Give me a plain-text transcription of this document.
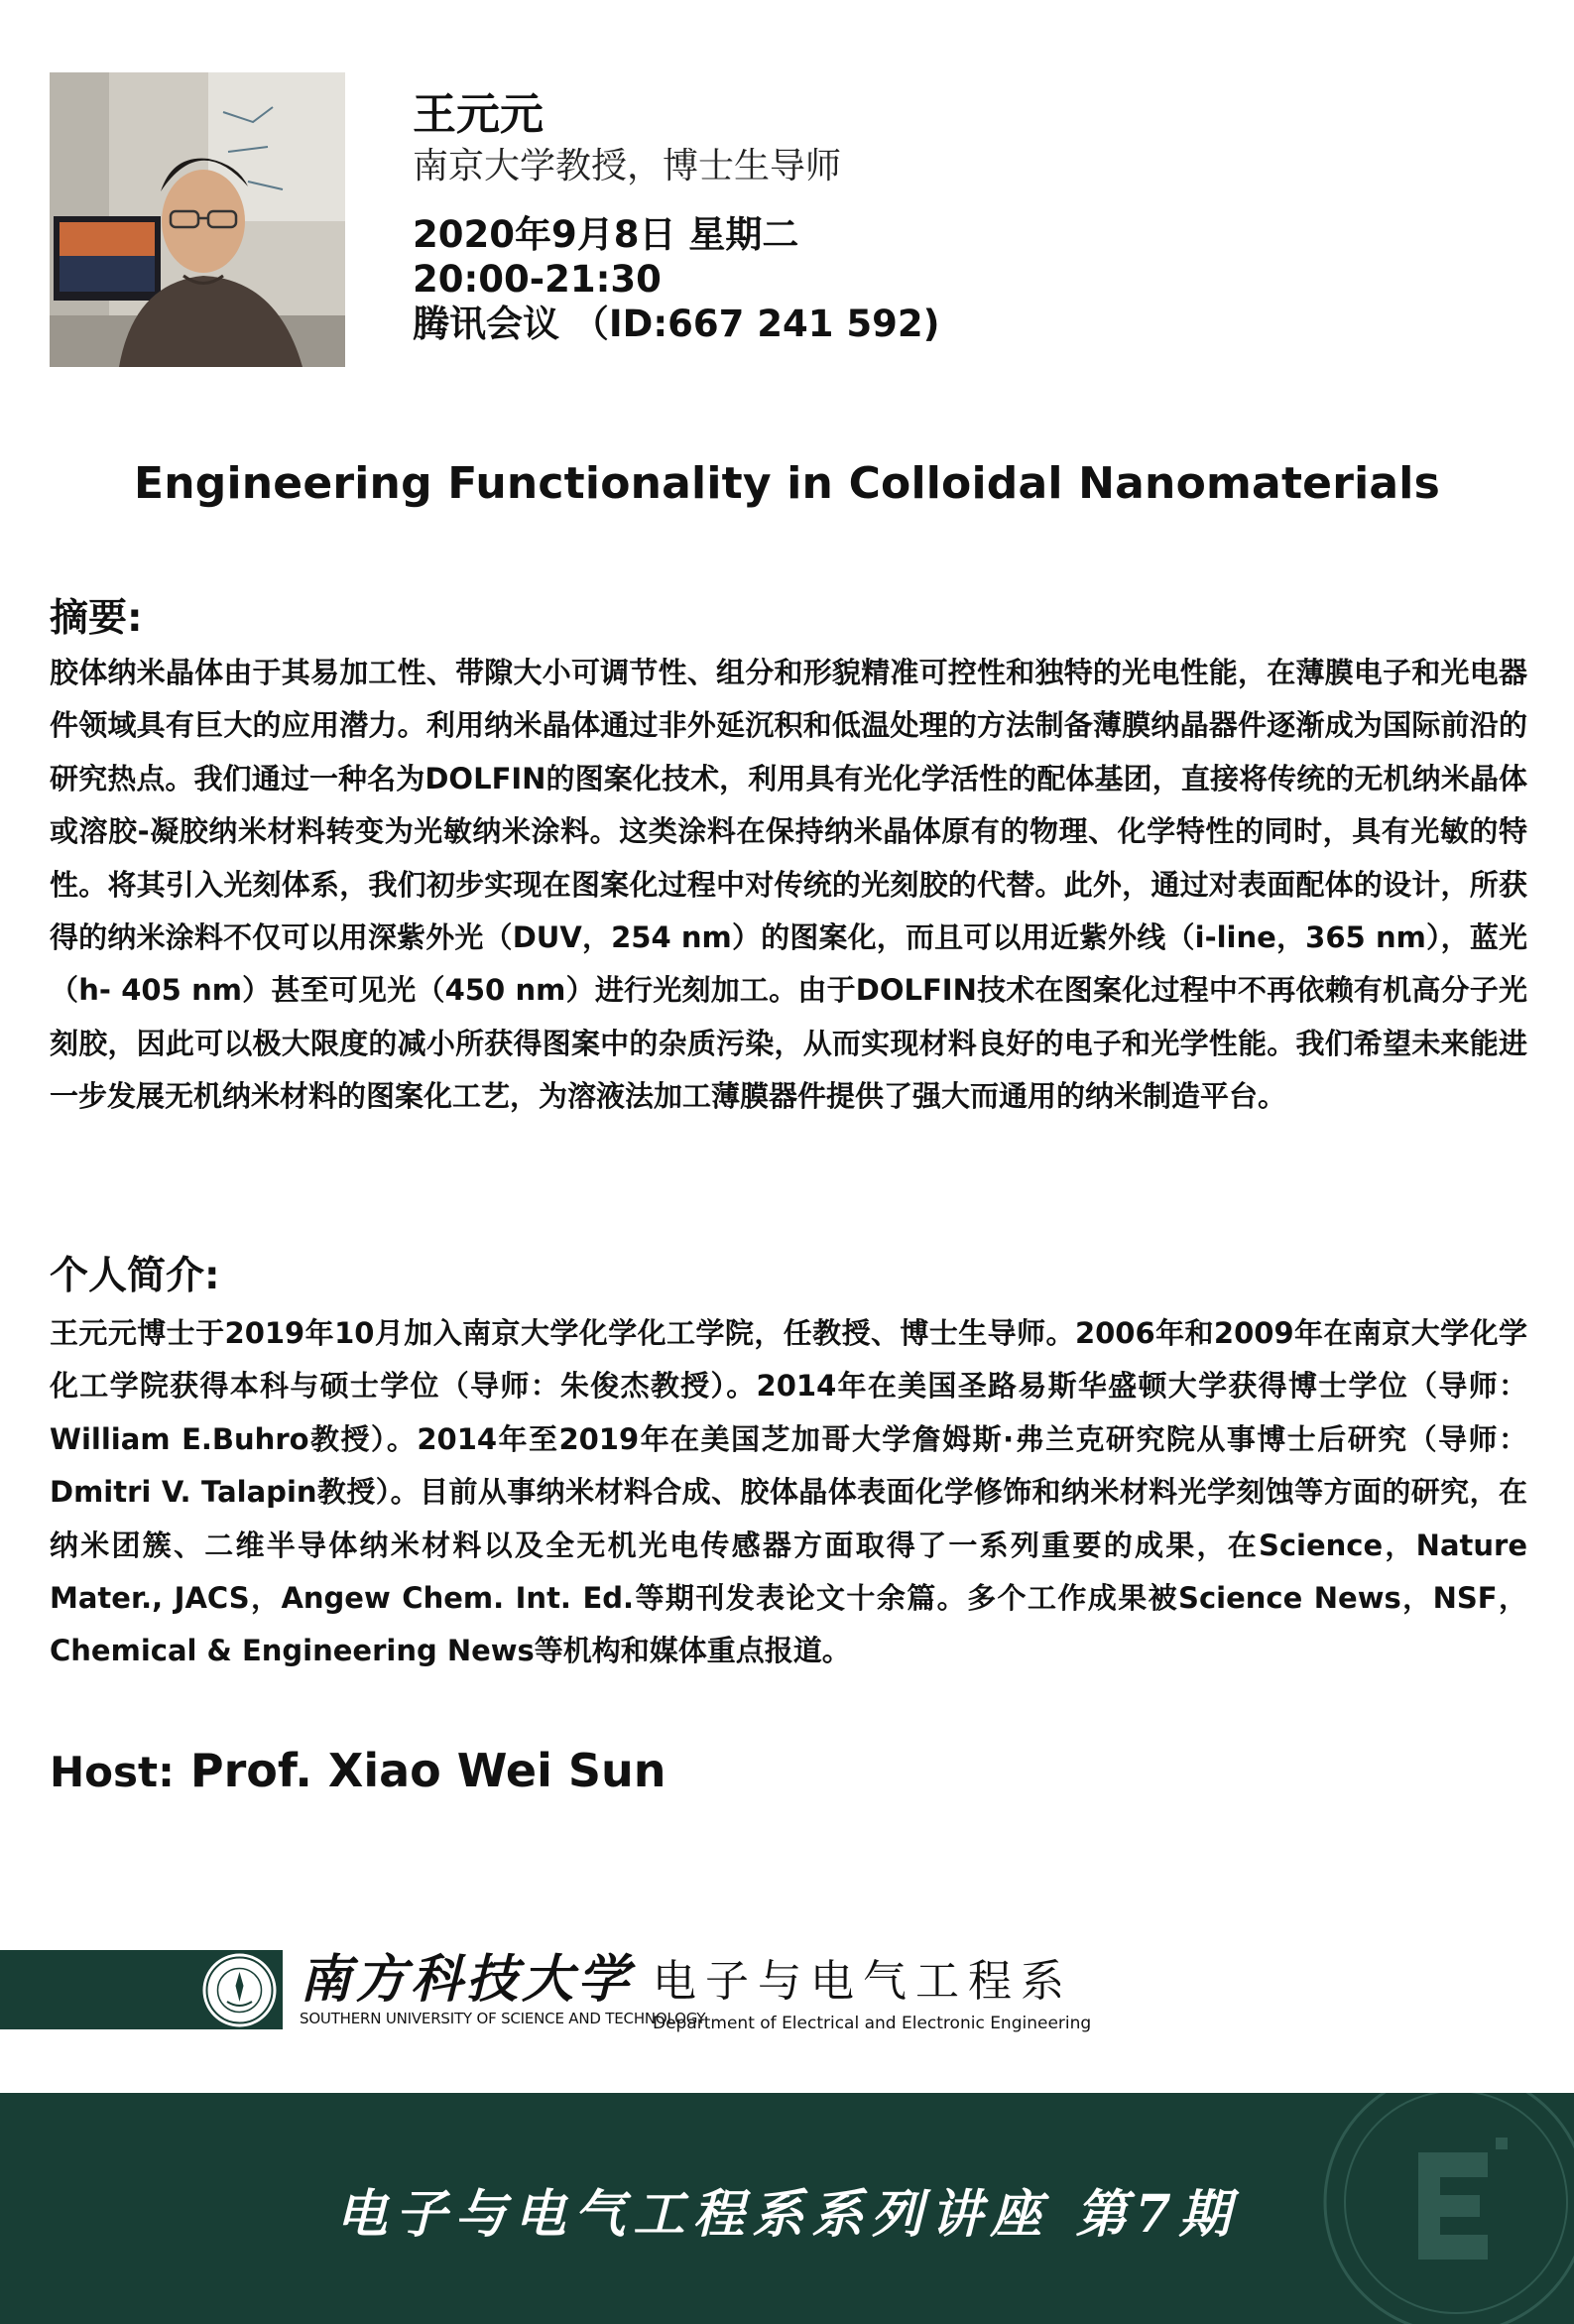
王元元
南京大学教授，博士生导师
2020年9月8日 星期二
20:00-21:30
腾讯会议 （ID:667 241 592)
Engineering Functionality in Colloidal Nanomaterials
摘要:

胶体纳米晶体由于其易加工性、带隙大小可调节性、组分和形貌精准可控性和独特的光电性能，在薄膜电子和光电器件领域具有巨大的应用潜力。利用纳米晶体通过非外延沉积和低温处理的方法制备薄膜纳晶器件逐渐成为国际前沿的研究热点。我们通过一种名为DOLFIN的图案化技术，利用具有光化学活性的配体基团，直接将传统的无机纳米晶体或溶胶-凝胶纳米材料转变为光敏纳米涂料。这类涂料在保持纳米晶体原有的物理、化学特性的同时，具有光敏的特性。将其引入光刻体系，我们初步实现在图案化过程中对传统的光刻胶的代替。此外，通过对表面配体的设计，所获得的纳米涂料不仅可以用深紫外光（DUV，254 nm）的图案化，而且可以用近紫外线（i-line，365 nm），蓝光（h- 405 nm）甚至可见光（450 nm）进行光刻加工。由于DOLFIN技术在图案化过程中不再依赖有机高分子光刻胶，因此可以极大限度的减小所获得图案中的杂质污染，从而实现材料良好的电子和光学性能。我们希望未来能进一步发展无机纳米材料的图案化工艺，为溶液法加工薄膜器件提供了强大而通用的纳米制造平台。

个人简介:

王元元博士于2019年10月加入南京大学化学化工学院，任教授、博士生导师。2006年和2009年在南京大学化学化工学院获得本科与硕士学位（导师：朱俊杰教授）。2014年在美国圣路易斯华盛顿大学获得博士学位（导师：William E.Buhro教授）。2014年至2019年在美国芝加哥大学詹姆斯·弗兰克研究院从事博士后研究（导师：Dmitri V. Talapin教授）。目前从事纳米材料合成、胶体晶体表面化学修饰和纳米材料光学刻蚀等方面的研究，在纳米团簇、二维半导体纳米材料以及全无机光电传感器方面取得了一系列重要的成果，在Science，Nature Mater., JACS，Angew Chem. Int. Ed.等期刊发表论文十余篇。多个工作成果被Science News，NSF，Chemical & Engineering News等机构和媒体重点报道。

Host: Prof. Xiao Wei Sun
南方科技大学
SOUTHERN UNIVERSITY OF SCIENCE AND TECHNOLOGY
电子与电气工程系
Department of Electrical and Electronic Engineering
电子与电气工程系系列讲座 第7期
